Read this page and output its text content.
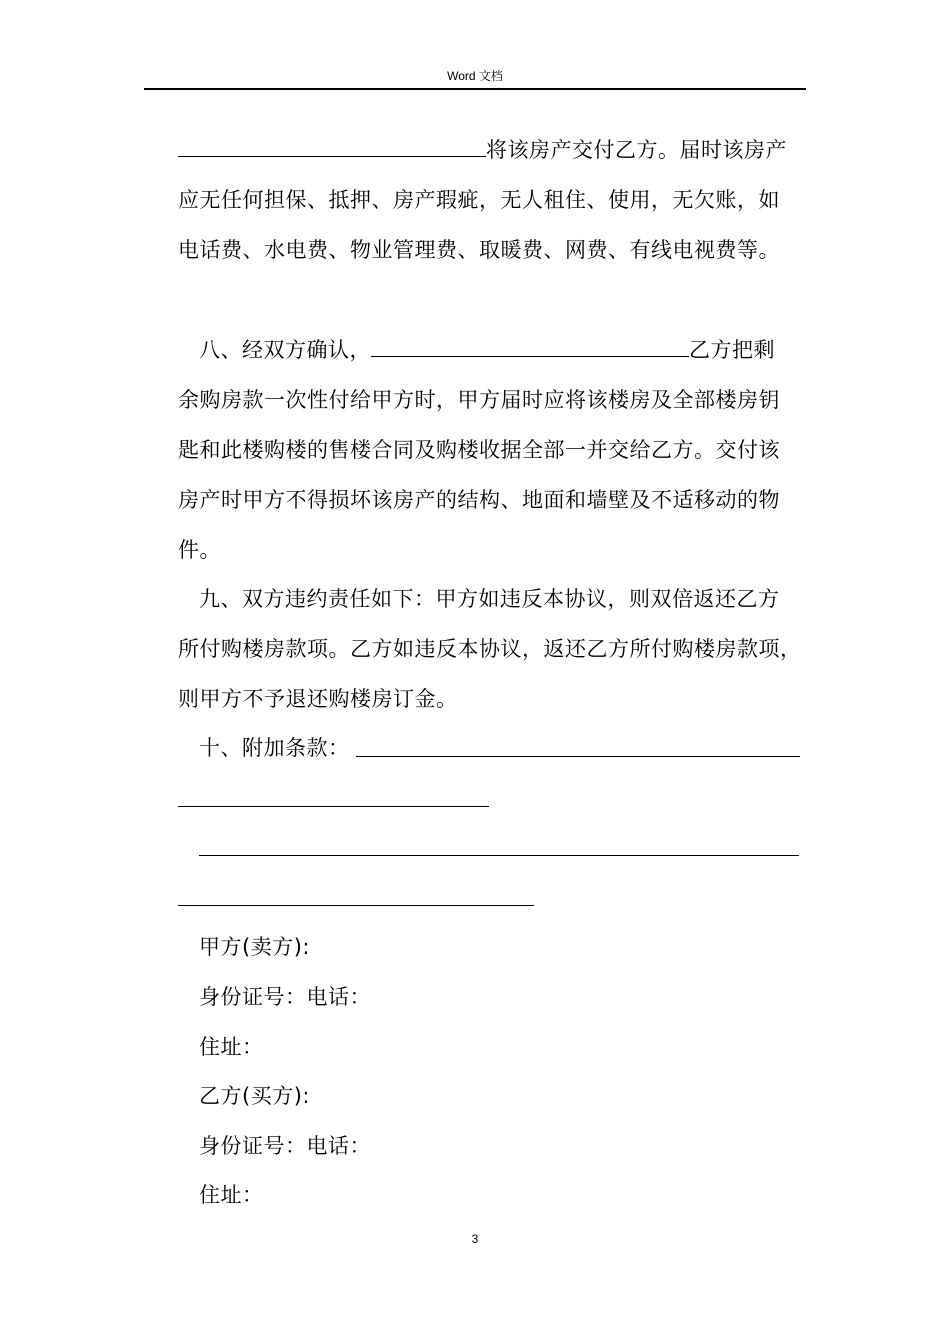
Word 文档
将该房产交付乙方。届时该房产
应无任何担保、抵押、房产瑕疵，无人租住、使用，无欠账，如
电话费、水电费、物业管理费、取暖费、网费、有线电视费等。
八、经双方确认，	乙方把剩
余购房款一次性付给甲方时，甲方届时应将该楼房及全部楼房钥
匙和此楼购楼的售楼合同及购楼收据全部一并交给乙方。交付该
房产时甲方不得损坏该房产的结构、地面和墙壁及不适移动的物
件。
九、双方违约责任如下：甲方如违反本协议，则双倍返还乙方
所付购楼房款项。乙方如违反本协议，返还乙方所付购楼房款项，
则甲方不予退还购楼房订金。
十、附加条款：
甲方(卖方):
身份证号：电话：
住址：
乙方(买方):
身份证号：电话：
住址：
3
